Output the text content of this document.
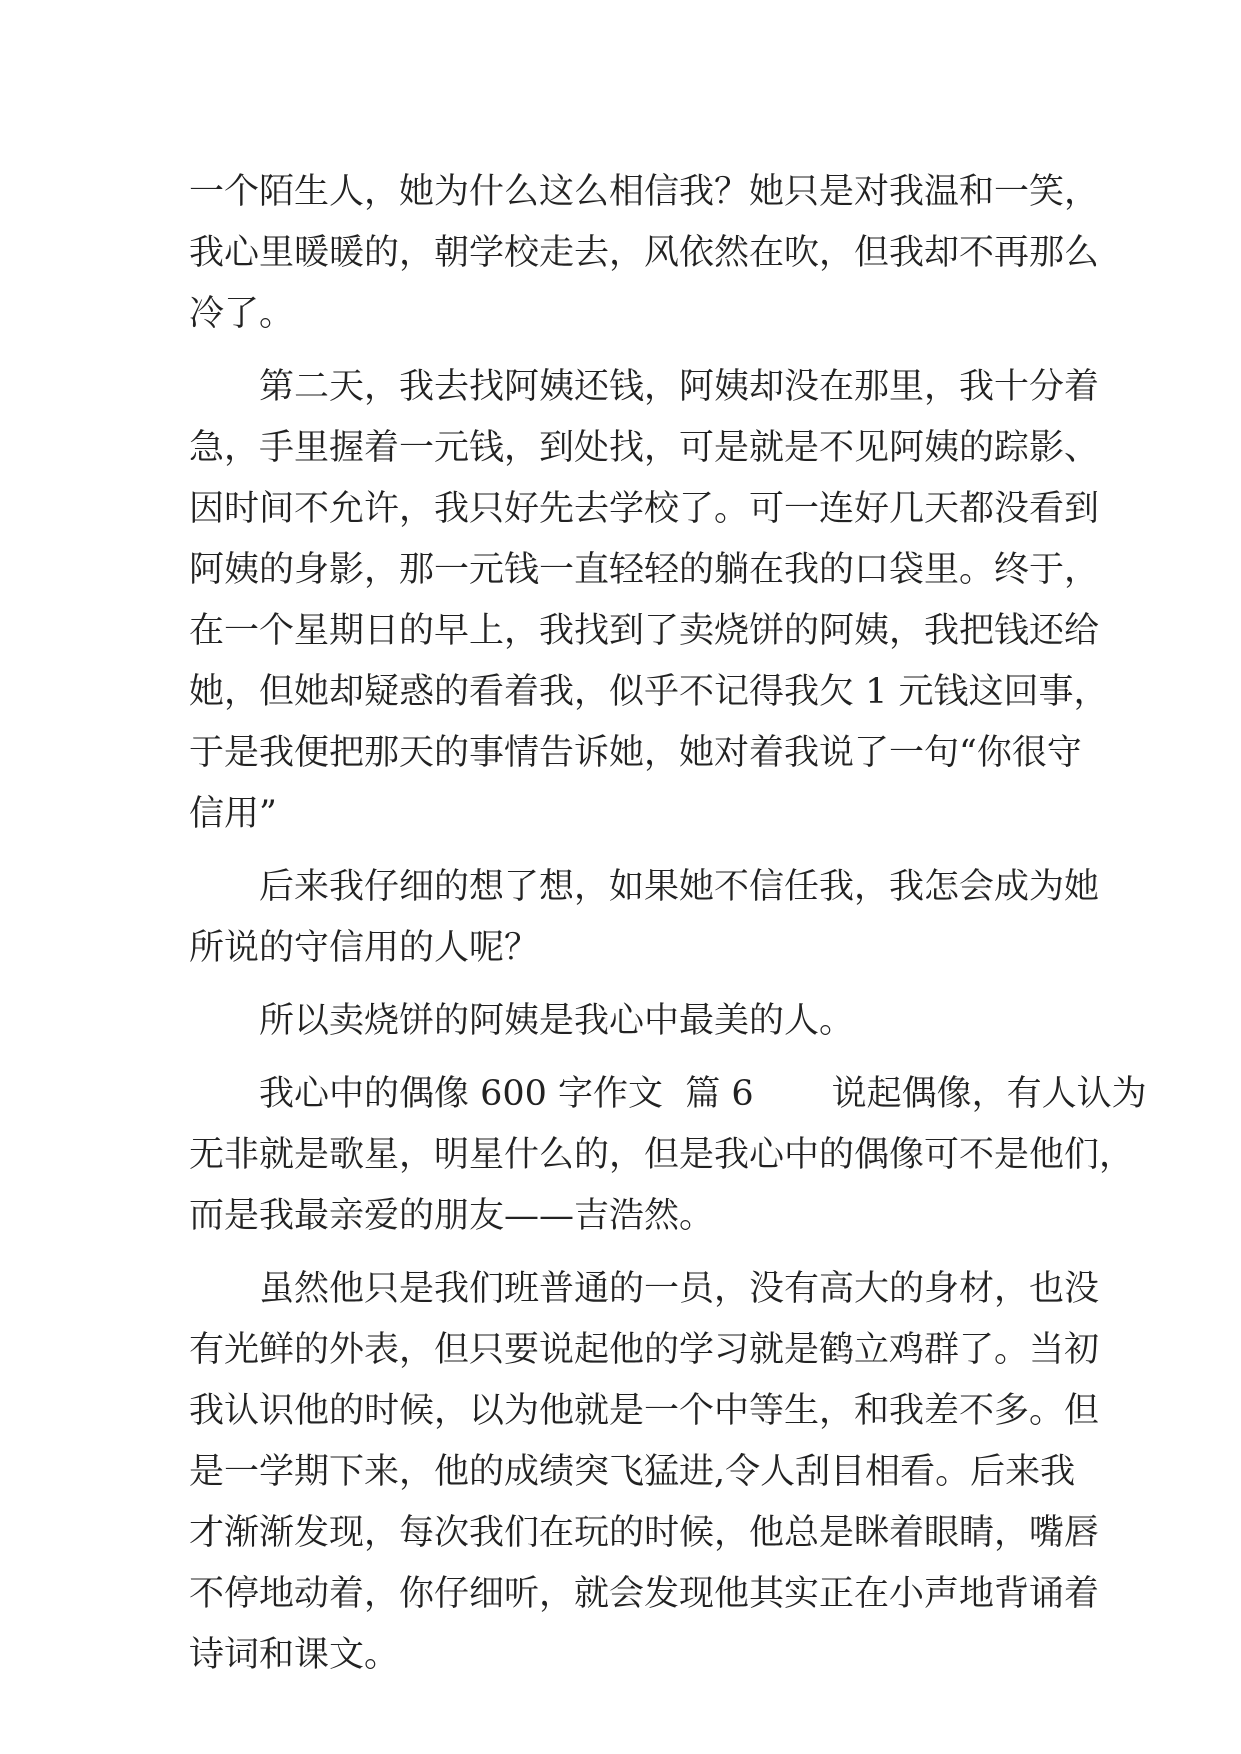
一个陌生人，她为什么这么相信我？她只是对我温和一笑，
我心里暖暖的，朝学校走去，风依然在吹，但我却不再那么
冷了。
第二天，我去找阿姨还钱，阿姨却没在那里，我十分着
急，手里握着一元钱，到处找，可是就是不见阿姨的踪影、
因时间不允许，我只好先去学校了。可一连好几天都没看到
阿姨的身影，那一元钱一直轻轻的躺在我的口袋里。终于，
在一个星期日的早上，我找到了卖烧饼的阿姨，我把钱还给
她，但她却疑惑的看着我，似乎不记得我欠 1 元钱这回事，
于是我便把那天的事情告诉她，她对着我说了一句“你很守
信用”
后来我仔细的想了想，如果她不信任我，我怎会成为她
所说的守信用的人呢？
所以卖烧饼的阿姨是我心中最美的人。
我心中的偶像 600 字作文  篇 6       说起偶像，有人认为
无非就是歌星，明星什么的，但是我心中的偶像可不是他们，
而是我最亲爱的朋友——吉浩然。
虽然他只是我们班普通的一员，没有高大的身材，也没
有光鲜的外表，但只要说起他的学习就是鹤立鸡群了。当初
我认识他的时候，以为他就是一个中等生，和我差不多。但
是一学期下来，他的成绩突飞猛进,令人刮目相看。后来我
才渐渐发现，每次我们在玩的时候，他总是眯着眼睛，嘴唇
不停地动着，你仔细听，就会发现他其实正在小声地背诵着
诗词和课文。
